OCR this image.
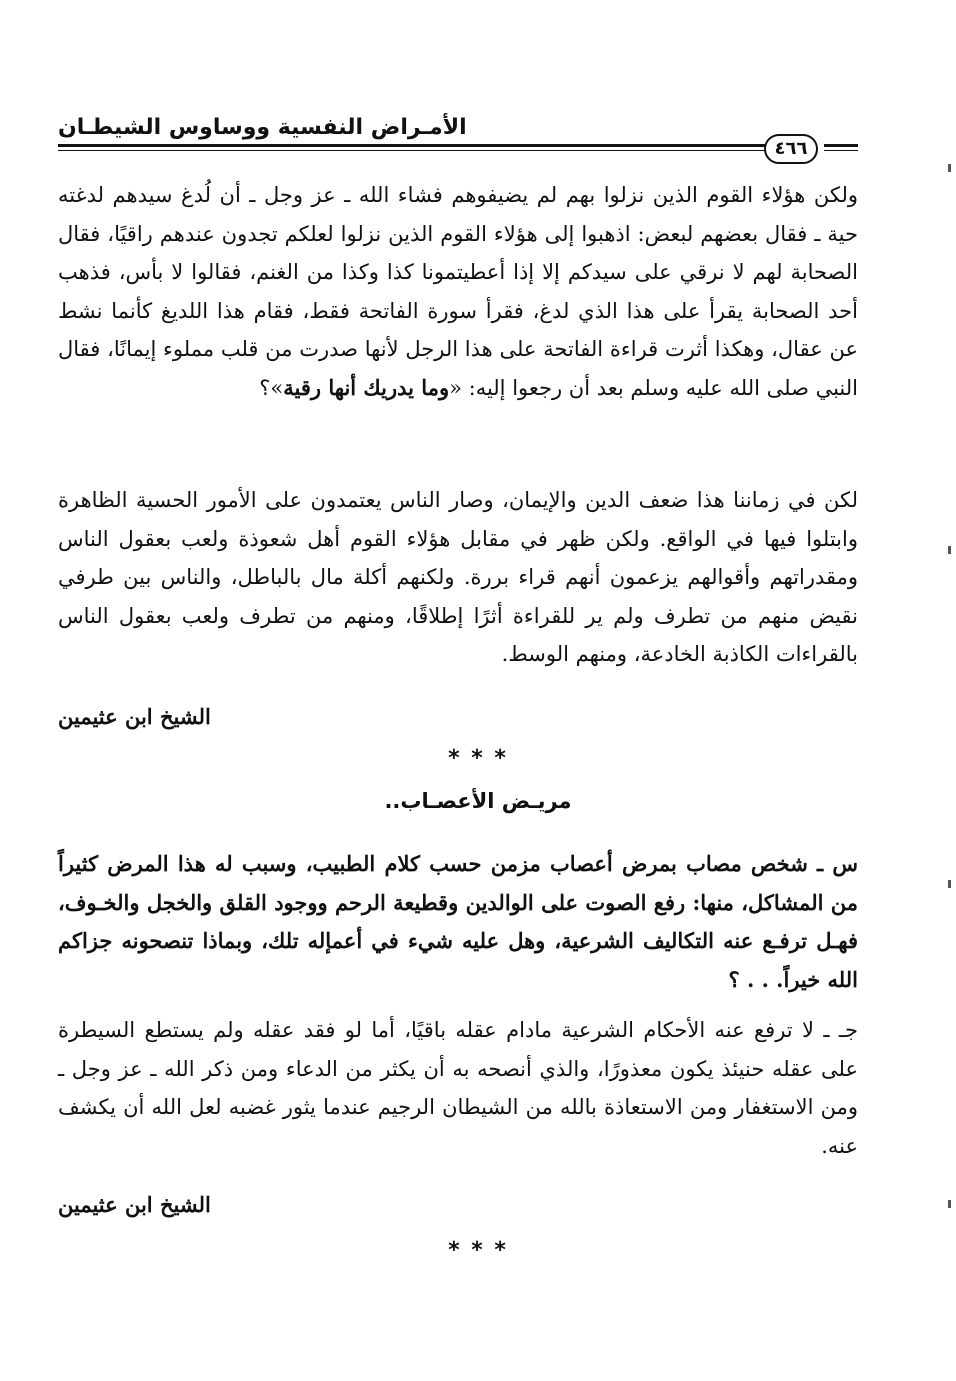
الأمـراض النفسية ووساوس الشيطـان
٤٦٦

ولكن هؤلاء القوم الذين نزلوا بهم لم يضيفوهم فشاء الله ـ عز وجل ـ أن لُدغ سيدهم لدغته حية ـ فقال بعضهم لبعض: اذهبوا إلى هؤلاء القوم الذين نزلوا لعلكم تجدون عندهم راقيًا، فقال الصحابة لهم لا نرقي على سيدكم إلا إذا أعطيتمونا كذا وكذا من الغنم، فقالوا لا بأس، فذهب أحد الصحابة يقرأ على هذا الذي لدغ، فقرأ سورة الفاتحة فقط، فقام هذا اللديغ كأنما نشط عن عقال، وهكذا أثرت قراءة الفاتحة على هذا الرجل لأنها صدرت من قلب مملوء إيمانًا، فقال النبي صلى الله عليه وسلم بعد أن رجعوا إليه: «وما يدريك أنها رقية»؟

لكن في زماننا هذا ضعف الدين والإيمان، وصار الناس يعتمدون على الأمور الحسية الظاهرة وابتلوا فيها في الواقع. ولكن ظهر في مقابل هؤلاء القوم أهل شعوذة ولعب بعقول الناس ومقدراتهم وأقوالهم يزعمون أنهم قراء بررة. ولكنهم أكلة مال بالباطل، والناس بين طرفي نقيض منهم من تطرف ولم ير للقراءة أثرًا إطلاقًا، ومنهم من تطرف ولعب بعقول الناس بالقراءات الكاذبة الخادعة، ومنهم الوسط.

الشيخ ابن عثيمين
* * *
مريـض الأعصـاب..

س ـ شخص مصاب بمرض أعصاب مزمن حسب كلام الطبيب، وسبب له هذا المرض كثيراً من المشاكل، منها: رفع الصوت على الوالدين وقطيعة الرحم ووجود القلق والخجل والخـوف، فهـل ترفـع عنه التكاليف الشرعية، وهل عليه شيء في أعمإله تلك، وبماذا تنصحونه جزاكم الله خيراً. . . ؟

جـ ـ لا ترفع عنه الأحكام الشرعية مادام عقله باقيًا، أما لو فقد عقله ولم يستطع السيطرة على عقله حنيئذ يكون معذورًا، والذي أنصحه به أن يكثر من الدعاء ومن ذكر الله ـ عز وجل ـ ومن الاستغفار ومن الاستعاذة بالله من الشيطان الرجيم عندما يثور غضبه لعل الله أن يكشف عنه.

الشيخ ابن عثيمين
* * *
